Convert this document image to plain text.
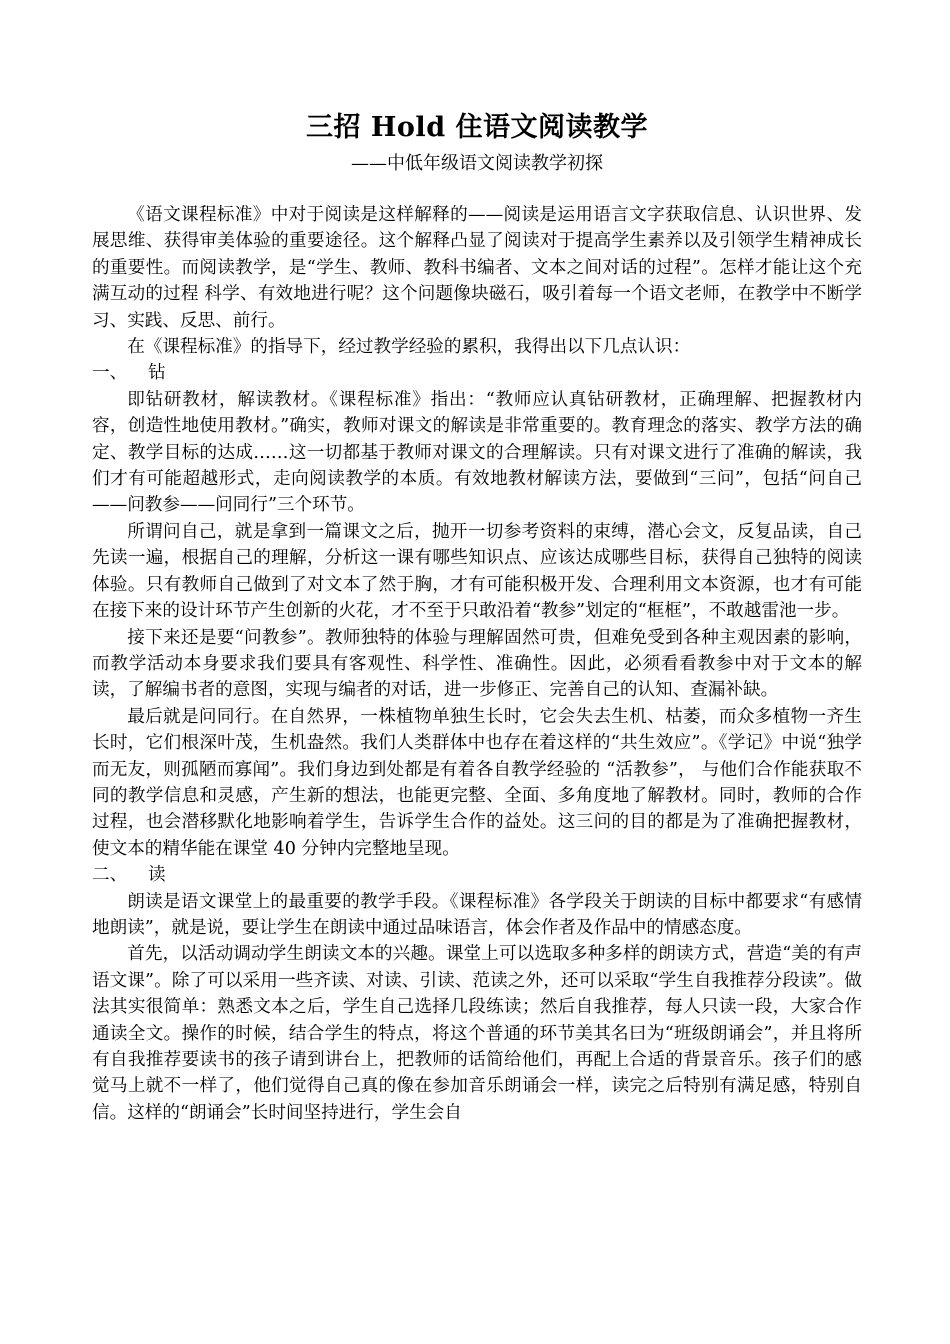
三招 Hold 住语文阅读教学
——中低年级语文阅读教学初探

《语文课程标准》中对于阅读是这样解释的——阅读是运用语言文字获取信息、认识世界、发展思维、获得审美体验的重要途径。这个解释凸显了阅读对于提高学生素养以及引领学生精神成长的重要性。而阅读教学，是“学生、教师、教科书编者、文本之间对话的过程”。怎样才能让这个充满互动的过程 科学、有效地进行呢？这个问题像块磁石，吸引着每一个语文老师，在教学中不断学习、实践、反思、前行。

在《课程标准》的指导下，经过教学经验的累积，我得出以下几点认识：

一、 钻

即钻研教材，解读教材。《课程标准》指出：“教师应认真钻研教材，正确理解、把握教材内容，创造性地使用教材。”确实，教师对课文的解读是非常重要的。教育理念的落实、教学方法的确定、教学目标的达成……这一切都基于教师对课文的合理解读。只有对课文进行了准确的解读，我们才有可能超越形式，走向阅读教学的本质。有效地教材解读方法，要做到“三问”，包括“问自己——问教参——问同行”三个环节。

所谓问自己，就是拿到一篇课文之后，抛开一切参考资料的束缚，潜心会文，反复品读，自己先读一遍，根据自己的理解，分析这一课有哪些知识点、应该达成哪些目标，获得自己独特的阅读体验。只有教师自己做到了对文本了然于胸，才有可能积极开发、合理利用文本资源，也才有可能在接下来的设计环节产生创新的火花，才不至于只敢沿着“教参”划定的“框框”，不敢越雷池一步。

接下来还是要“问教参”。教师独特的体验与理解固然可贵，但难免受到各种主观因素的影响，而教学活动本身要求我们要具有客观性、科学性、准确性。因此，必须看看教参中对于文本的解读，了解编书者的意图，实现与编者的对话，进一步修正、完善自己的认知、查漏补缺。

最后就是问同行。在自然界，一株植物单独生长时，它会失去生机、枯萎，而众多植物一齐生长时，它们根深叶茂，生机盎然。我们人类群体中也存在着这样的“共生效应”。《学记》中说“独学而无友，则孤陋而寡闻”。我们身边到处都是有着各自教学经验的 “活教参”， 与他们合作能获取不同的教学信息和灵感，产生新的想法，也能更完整、全面、多角度地了解教材。同时，教师的合作过程，也会潜移默化地影响着学生，告诉学生合作的益处。这三问的目的都是为了准确把握教材，使文本的精华能在课堂 40 分钟内完整地呈现。

二、 读

朗读是语文课堂上的最重要的教学手段。《课程标准》各学段关于朗读的目标中都要求“有感情地朗读”，就是说，要让学生在朗读中通过品味语言，体会作者及作品中的情感态度。

首先，以活动调动学生朗读文本的兴趣。课堂上可以选取多种多样的朗读方式，营造“美的有声语文课”。除了可以采用一些齐读、对读、引读、范读之外，还可以采取“学生自我推荐分段读”。做法其实很简单：熟悉文本之后，学生自己选择几段练读；然后自我推荐，每人只读一段，大家合作通读全文。操作的时候，结合学生的特点，将这个普通的环节美其名曰为“班级朗诵会”，并且将所有自我推荐要读书的孩子请到讲台上，把教师的话简给他们，再配上合适的背景音乐。孩子们的感觉马上就不一样了，他们觉得自己真的像在参加音乐朗诵会一样，读完之后特别有满足感，特别自信。这样的“朗诵会”长时间坚持进行，学生会自
